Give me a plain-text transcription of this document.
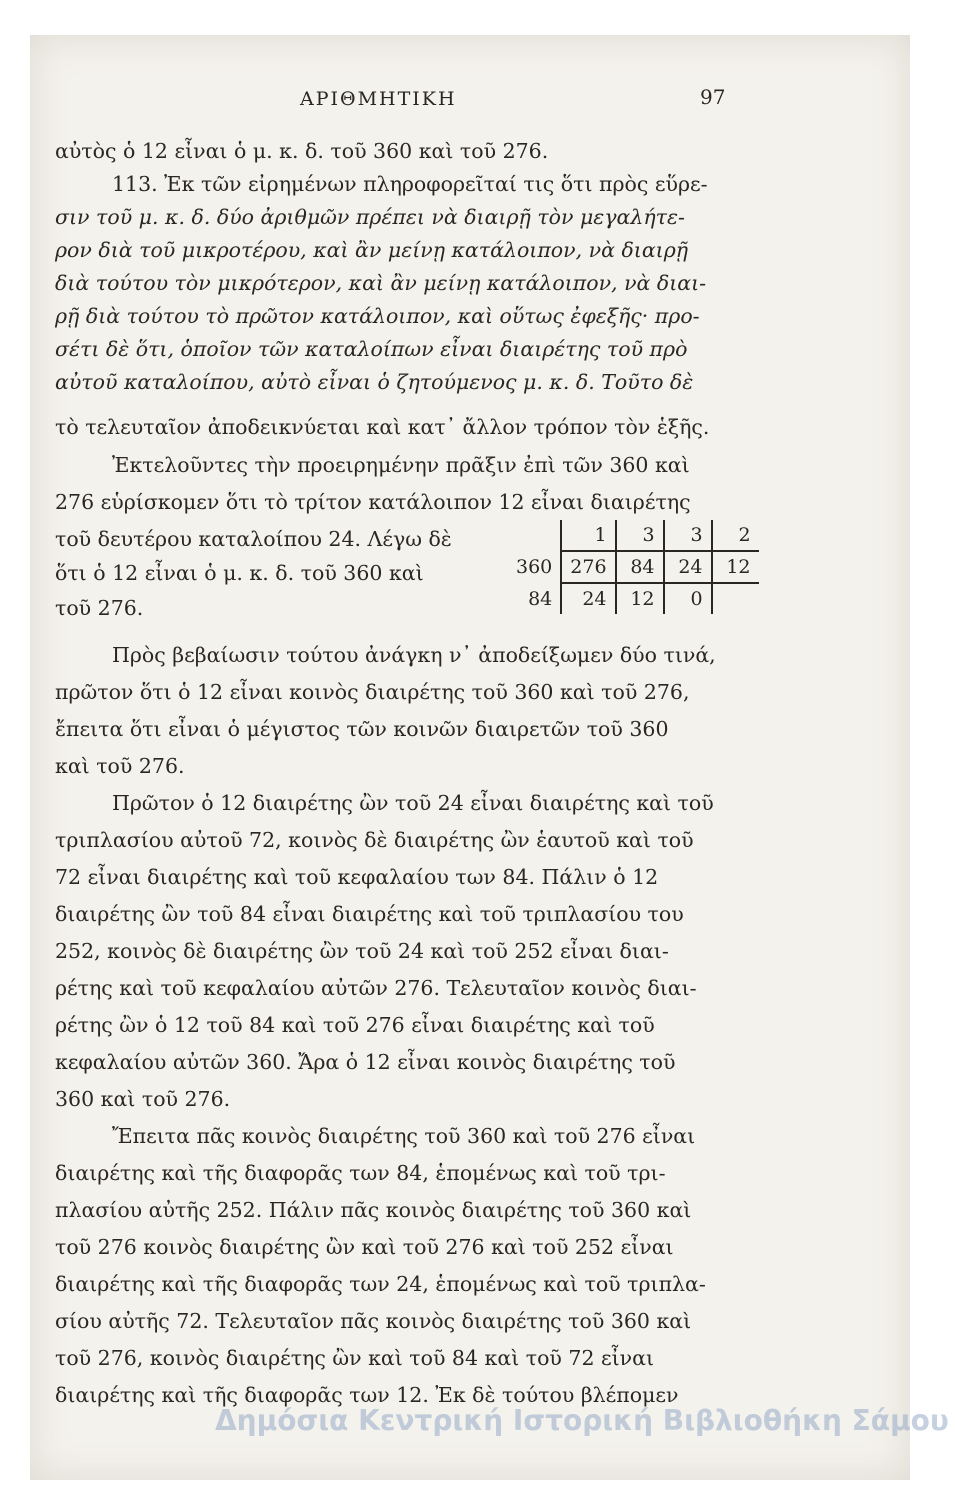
ΑΡΙΘΜΗΤΙΚΗ	97
αὐτὸς ὁ 12 εἶναι ὁ μ. κ. δ. τοῦ 360 καὶ τοῦ 276.
113. Ἐκ τῶν εἰρημένων πληροφορεῖταί τις ὅτι πρὸς εὕρε-
σιν τοῦ μ. κ. δ. δύο ἀριθμῶν πρέπει νὰ διαιρῇ τὸν μεγαλήτε-
ρον διὰ τοῦ μικροτέρου, καὶ ἂν μείνῃ κατάλοιπον, νὰ διαιρῇ
διὰ τούτου τὸν μικρότερον, καὶ ἂν μείνῃ κατάλοιπον, νὰ διαι-
ρῇ διὰ τούτου τὸ πρῶτον κατάλοιπον, καὶ οὕτως ἐφεξῆς· προ-
σέτι δὲ ὅτι, ὁποῖον τῶν καταλοίπων εἶναι διαιρέτης τοῦ πρὸ
αὐτοῦ καταλοίπου, αὐτὸ εἶναι ὁ ζητούμενος μ. κ. δ. Τοῦτο δὲ
τὸ τελευταῖον ἀποδεικνύεται καὶ κατ᾽ ἄλλον τρόπον τὸν ἑξῆς.
Ἐκτελοῦντες τὴν προειρημένην πρᾶξιν ἐπὶ τῶν 360 καὶ
276 εὑρίσκομεν ὅτι τὸ τρίτον κατάλοιπον 12 εἶναι διαιρέτης
τοῦ δευτέρου καταλοίπου 24. Λέγω δὲ
ὅτι ὁ 12 εἶναι ὁ μ. κ. δ. τοῦ 360 καὶ
τοῦ 276.
	1	3	3	2
360	276	84	24	12
84	24	12	0	
Πρὸς βεβαίωσιν τούτου ἀνάγκη ν᾽ ἀποδείξωμεν δύο τινά,
πρῶτον ὅτι ὁ 12 εἶναι κοινὸς διαιρέτης τοῦ 360 καὶ τοῦ 276,
ἔπειτα ὅτι εἶναι ὁ μέγιστος τῶν κοινῶν διαιρετῶν τοῦ 360
καὶ τοῦ 276.
Πρῶτον ὁ 12 διαιρέτης ὢν τοῦ 24 εἶναι διαιρέτης καὶ τοῦ
τριπλασίου αὐτοῦ 72, κοινὸς δὲ διαιρέτης ὢν ἑαυτοῦ καὶ τοῦ
72 εἶναι διαιρέτης καὶ τοῦ κεφαλαίου των 84. Πάλιν ὁ 12
διαιρέτης ὢν τοῦ 84 εἶναι διαιρέτης καὶ τοῦ τριπλασίου του
252, κοινὸς δὲ διαιρέτης ὢν τοῦ 24 καὶ τοῦ 252 εἶναι διαι-
ρέτης καὶ τοῦ κεφαλαίου αὐτῶν 276. Τελευταῖον κοινὸς διαι-
ρέτης ὢν ὁ 12 τοῦ 84 καὶ τοῦ 276 εἶναι διαιρέτης καὶ τοῦ
κεφαλαίου αὐτῶν 360. Ἄρα ὁ 12 εἶναι κοινὸς διαιρέτης τοῦ
360 καὶ τοῦ 276.
Ἔπειτα πᾶς κοινὸς διαιρέτης τοῦ 360 καὶ τοῦ 276 εἶναι
διαιρέτης καὶ τῆς διαφορᾶς των 84, ἑπομένως καὶ τοῦ τρι-
πλασίου αὐτῆς 252. Πάλιν πᾶς κοινὸς διαιρέτης τοῦ 360 καὶ
τοῦ 276 κοινὸς διαιρέτης ὢν καὶ τοῦ 276 καὶ τοῦ 252 εἶναι
διαιρέτης καὶ τῆς διαφορᾶς των 24, ἑπομένως καὶ τοῦ τριπλα-
σίου αὐτῆς 72. Τελευταῖον πᾶς κοινὸς διαιρέτης τοῦ 360 καὶ
τοῦ 276, κοινὸς διαιρέτης ὢν καὶ τοῦ 84 καὶ τοῦ 72 εἶναι
διαιρέτης καὶ τῆς διαφορᾶς των 12. Ἐκ δὲ τούτου βλέπομεν
Δημόσια Κεντρική Ιστορική Βιβλιοθήκη Σάμου
